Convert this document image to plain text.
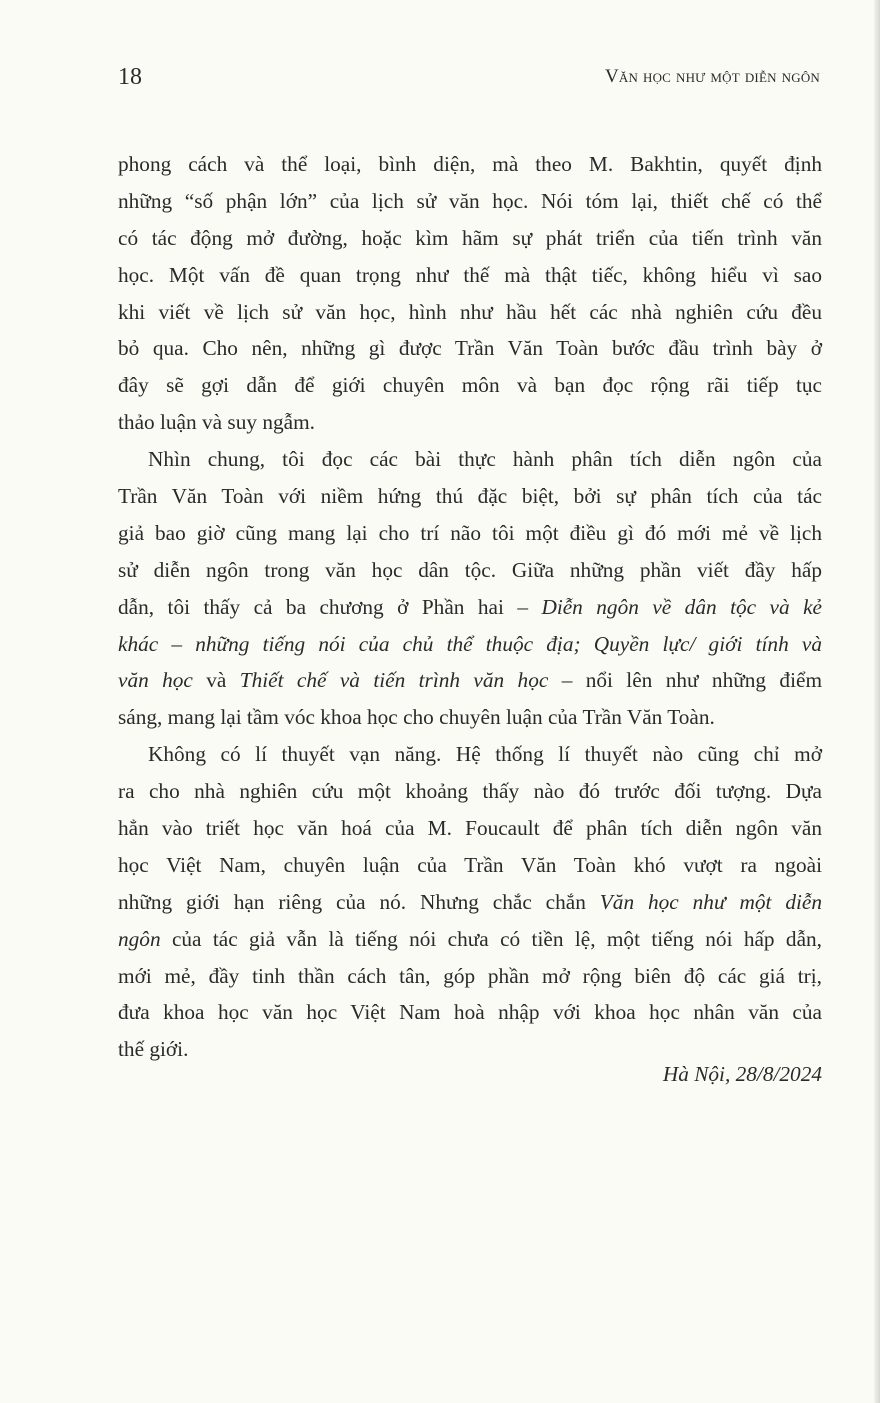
18	Văn học như một diễn ngôn
phong cách và thể loại, bình diện, mà theo M. Bakhtin, quyết định
những “số phận lớn” của lịch sử văn học. Nói tóm lại, thiết chế có thể
có tác động mở đường, hoặc kìm hãm sự phát triển của tiến trình văn
học. Một vấn đề quan trọng như thế mà thật tiếc, không hiểu vì sao
khi viết về lịch sử văn học, hình như hầu hết các nhà nghiên cứu đều
bỏ qua. Cho nên, những gì được Trần Văn Toàn bước đầu trình bày ở
đây sẽ gợi dẫn để giới chuyên môn và bạn đọc rộng rãi tiếp tục
thảo luận và suy ngẫm.
Nhìn chung, tôi đọc các bài thực hành phân tích diễn ngôn của
Trần Văn Toàn với niềm hứng thú đặc biệt, bởi sự phân tích của tác
giả bao giờ cũng mang lại cho trí não tôi một điều gì đó mới mẻ về lịch
sử diễn ngôn trong văn học dân tộc. Giữa những phần viết đầy hấp
dẫn, tôi thấy cả ba chương ở Phần hai – Diễn ngôn về dân tộc và kẻ
khác – những tiếng nói của chủ thể thuộc địa; Quyền lực/ giới tính và
văn học và Thiết chế và tiến trình văn học – nổi lên như những điểm
sáng, mang lại tầm vóc khoa học cho chuyên luận của Trần Văn Toàn.
Không có lí thuyết vạn năng. Hệ thống lí thuyết nào cũng chỉ mở
ra cho nhà nghiên cứu một khoảng thấy nào đó trước đối tượng. Dựa
hẳn vào triết học văn hoá của M. Foucault để phân tích diễn ngôn văn
học Việt Nam, chuyên luận của Trần Văn Toàn khó vượt ra ngoài
những giới hạn riêng của nó. Nhưng chắc chắn Văn học như một diễn
ngôn của tác giả vẫn là tiếng nói chưa có tiền lệ, một tiếng nói hấp dẫn,
mới mẻ, đầy tinh thần cách tân, góp phần mở rộng biên độ các giá trị,
đưa khoa học văn học Việt Nam hoà nhập với khoa học nhân văn của
thế giới.
Hà Nội, 28/8/2024
